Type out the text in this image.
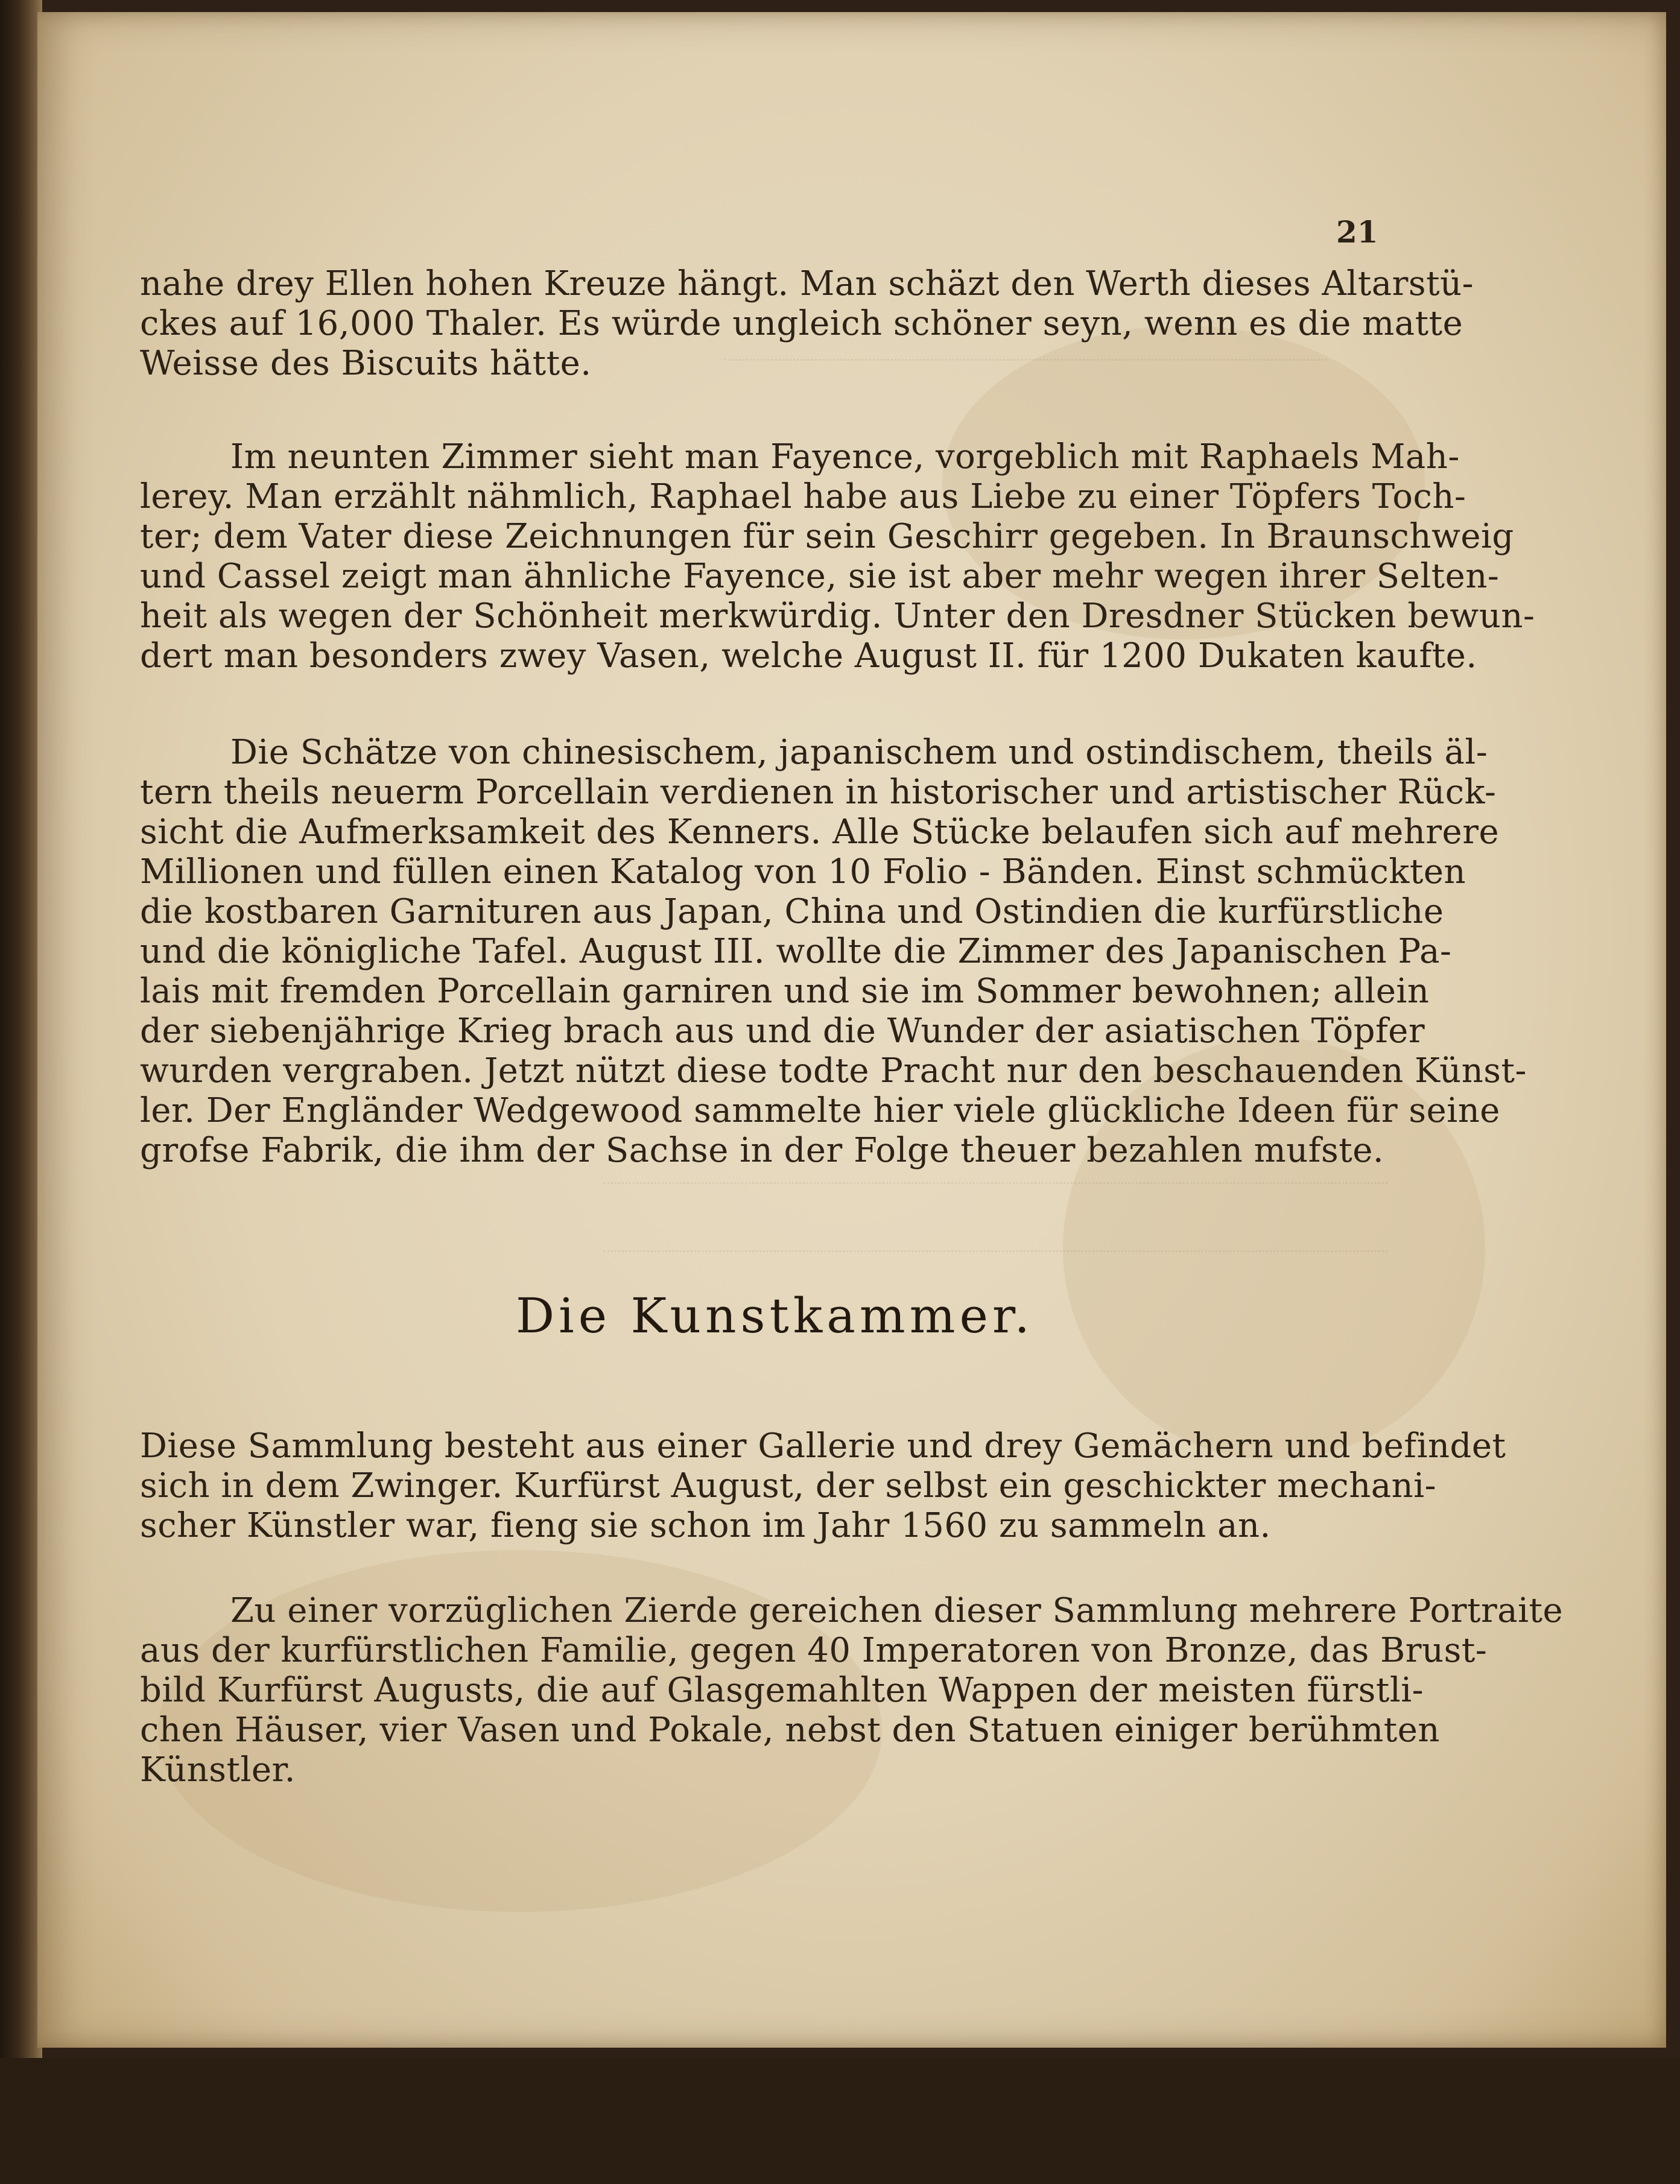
21
nahe drey Ellen hohen Kreuze hängt. Man schäzt den Werth dieses Altarstü-
ckes auf 16,000 Thaler. Es würde ungleich schöner seyn, wenn es die matte
Weisse des Biscuits hätte.
Im neunten Zimmer sieht man Fayence, vorgeblich mit Raphaels Mah-
lerey. Man erzählt nähmlich, Raphael habe aus Liebe zu einer Töpfers Toch-
ter; dem Vater diese Zeichnungen für sein Geschirr gegeben. In Braunschweig
und Cassel zeigt man ähnliche Fayence, sie ist aber mehr wegen ihrer Selten-
heit als wegen der Schönheit merkwürdig. Unter den Dresdner Stücken bewun-
dert man besonders zwey Vasen, welche August II. für 1200 Dukaten kaufte.
Die Schätze von chinesischem, japanischem und ostindischem, theils äl-
tern theils neuerm Porcellain verdienen in historischer und artistischer Rück-
sicht die Aufmerksamkeit des Kenners. Alle Stücke belaufen sich auf mehrere
Millionen und füllen einen Katalog von 10 Folio - Bänden. Einst schmückten
die kostbaren Garnituren aus Japan, China und Ostindien die kurfürstliche
und die königliche Tafel. August III. wollte die Zimmer des Japanischen Pa-
lais mit fremden Porcellain garniren und sie im Sommer bewohnen; allein
der siebenjährige Krieg brach aus und die Wunder der asiatischen Töpfer
wurden vergraben. Jetzt nützt diese todte Pracht nur den beschauenden Künst-
ler. Der Engländer Wedgewood sammelte hier viele glückliche Ideen für seine
grofse Fabrik, die ihm der Sachse in der Folge theuer bezahlen mufste.
Die Kunstkammer.
Diese Sammlung besteht aus einer Gallerie und drey Gemächern und befindet
sich in dem Zwinger. Kurfürst August, der selbst ein geschickter mechani-
scher Künstler war, fieng sie schon im Jahr 1560 zu sammeln an.
Zu einer vorzüglichen Zierde gereichen dieser Sammlung mehrere Portraite
aus der kurfürstlichen Familie, gegen 40 Imperatoren von Bronze, das Brust-
bild Kurfürst Augusts, die auf Glasgemahlten Wappen der meisten fürstli-
chen Häuser, vier Vasen und Pokale, nebst den Statuen einiger berühmten
Künstler.
